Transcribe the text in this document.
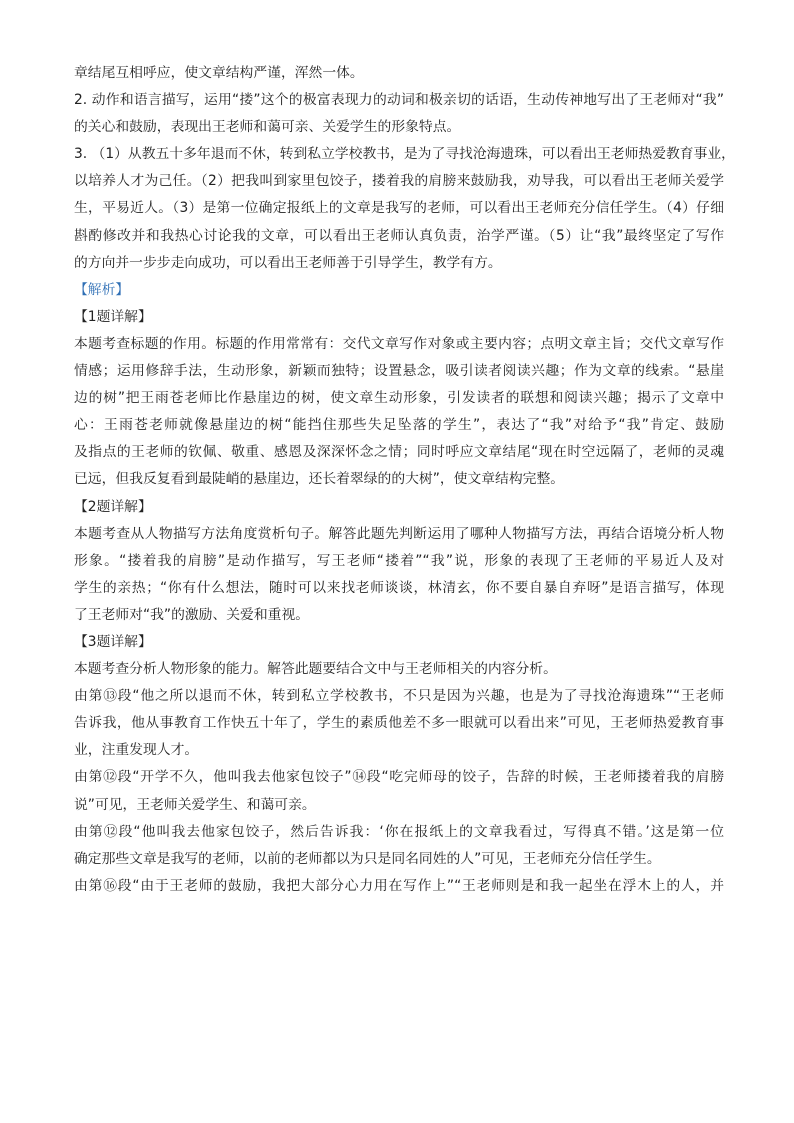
章结尾互相呼应，使文章结构严谨，浑然一体。
2. 动作和语言描写，运用“搂”这个的极富表现力的动词和极亲切的话语，生动传神地写出了王老师对“我”
的关心和鼓励，表现出王老师和蔼可亲、关爱学生的形象特点。
3. （1）从教五十多年退而不休，转到私立学校教书，是为了寻找沧海遗珠，可以看出王老师热爱教育事业，
以培养人才为己任。（2）把我叫到家里包饺子，搂着我的肩膀来鼓励我，劝导我，可以看出王老师关爱学
生，平易近人。（3）是第一位确定报纸上的文章是我写的老师，可以看出王老师充分信任学生。（4）仔细
斟酌修改并和我热心讨论我的文章，可以看出王老师认真负责，治学严谨。（5）让“我”最终坚定了写作
的方向并一步步走向成功，可以看出王老师善于引导学生，教学有方。
【解析】
【1题详解】
本题考查标题的作用。标题的作用常常有：交代文章写作对象或主要内容；点明文章主旨；交代文章写作
情感；运用修辞手法，生动形象，新颖而独特；设置悬念，吸引读者阅读兴趣；作为文章的线索。“悬崖
边的树”把王雨苍老师比作悬崖边的树，使文章生动形象，引发读者的联想和阅读兴趣；揭示了文章中
心：王雨苍老师就像悬崖边的树“能挡住那些失足坠落的学生”，表达了“我”对给予“我”肯定、鼓励
及指点的王老师的钦佩、敬重、感恩及深深怀念之情；同时呼应文章结尾“现在时空远隔了，老师的灵魂
已远，但我反复看到最陡峭的悬崖边，还长着翠绿的的大树”，使文章结构完整。
【2题详解】
本题考查从人物描写方法角度赏析句子。解答此题先判断运用了哪种人物描写方法，再结合语境分析人物
形象。“搂着我的肩膀”是动作描写，写王老师“搂着”“我”说，形象的表现了王老师的平易近人及对
学生的亲热；“你有什么想法，随时可以来找老师谈谈，林清玄，你不要自暴自弃呀”是语言描写，体现
了王老师对“我”的激励、关爱和重视。
【3题详解】
本题考查分析人物形象的能力。解答此题要结合文中与王老师相关的内容分析。
由第⑬段“他之所以退而不休，转到私立学校教书，不只是因为兴趣，也是为了寻找沧海遗珠”“王老师
告诉我，他从事教育工作快五十年了，学生的素质他差不多一眼就可以看出来”可见，王老师热爱教育事
业，注重发现人才。
由第⑫段“开学不久，他叫我去他家包饺子”⑭段“吃完师母的饺子，告辞的时候，王老师搂着我的肩膀
说”可见，王老师关爱学生、和蔼可亲。
由第⑫段“他叫我去他家包饺子，然后告诉我：‘你在报纸上的文章我看过，写得真不错。’这是第一位
确定那些文章是我写的老师，以前的老师都以为只是同名同姓的人”可见，王老师充分信任学生。
由第⑯段“由于王老师的鼓励，我把大部分心力用在写作上”“王老师则是和我一起坐在浮木上的人，并
